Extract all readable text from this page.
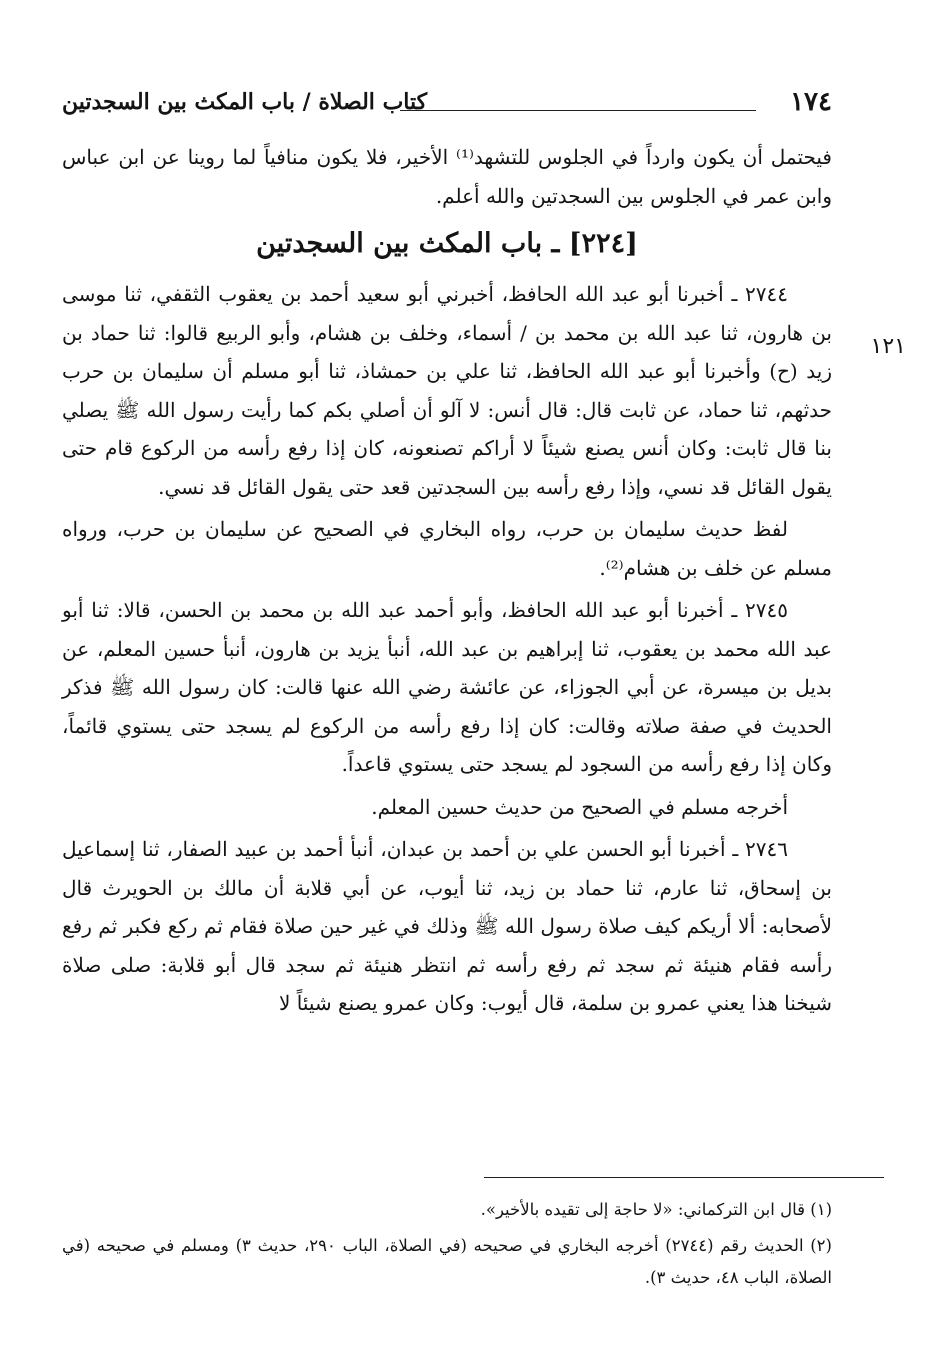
١٧٤
كتاب الصلاة / باب المكث بين السجدتين
١٢١

فيحتمل أن يكون وارداً في الجلوس للتشهد⁽¹⁾ الأخير، فلا يكون منافياً لما روينا عن ابن عباس وابن عمر في الجلوس بين السجدتين والله أعلم.

[٢٢٤] ـ باب المكث بين السجدتين

٢٧٤٤ ـ أخبرنا أبو عبد الله الحافظ، أخبرني أبو سعيد أحمد بن يعقوب الثقفي، ثنا موسى بن هارون، ثنا عبد الله بن محمد بن / أسماء، وخلف بن هشام، وأبو الربيع قالوا: ثنا حماد بن زيد (ح) وأخبرنا أبو عبد الله الحافظ، ثنا علي بن حمشاذ، ثنا أبو مسلم أن سليمان بن حرب حدثهم، ثنا حماد، عن ثابت قال: قال أنس: لا آلو أن أصلي بكم كما رأيت رسول الله ﷺ يصلي بنا قال ثابت: وكان أنس يصنع شيئاً لا أراكم تصنعونه، كان إذا رفع رأسه من الركوع قام حتى يقول القائل قد نسي، وإذا رفع رأسه بين السجدتين قعد حتى يقول القائل قد نسي.

لفظ حديث سليمان بن حرب، رواه البخاري في الصحيح عن سليمان بن حرب، ورواه مسلم عن خلف بن هشام⁽²⁾.

٢٧٤٥ ـ أخبرنا أبو عبد الله الحافظ، وأبو أحمد عبد الله بن محمد بن الحسن، قالا: ثنا أبو عبد الله محمد بن يعقوب، ثنا إبراهيم بن عبد الله، أنبأ يزيد بن هارون، أنبأ حسين المعلم، عن بديل بن ميسرة، عن أبي الجوزاء، عن عائشة رضي الله عنها قالت: كان رسول الله ﷺ فذكر الحديث في صفة صلاته وقالت: كان إذا رفع رأسه من الركوع لم يسجد حتى يستوي قائماً، وكان إذا رفع رأسه من السجود لم يسجد حتى يستوي قاعداً.

أخرجه مسلم في الصحيح من حديث حسين المعلم.

٢٧٤٦ ـ أخبرنا أبو الحسن علي بن أحمد بن عبدان، أنبأ أحمد بن عبيد الصفار، ثنا إسماعيل بن إسحاق، ثنا عارم، ثنا حماد بن زيد، ثنا أيوب، عن أبي قلابة أن مالك بن الحويرث قال لأصحابه: ألا أريكم كيف صلاة رسول الله ﷺ وذلك في غير حين صلاة فقام ثم ركع فكبر ثم رفع رأسه فقام هنيئة ثم سجد ثم رفع رأسه ثم انتظر هنيئة ثم سجد قال أبو قلابة: صلى صلاة شيخنا هذا يعني عمرو بن سلمة، قال أيوب: وكان عمرو يصنع شيئاً لا

(١) قال ابن التركماني: «لا حاجة إلى تقيده بالأخير».

(٢) الحديث رقم (٢٧٤٤) أخرجه البخاري في صحيحه (في الصلاة، الباب ٢٩٠، حديث ٣) ومسلم في صحيحه (في الصلاة، الباب ٤٨، حديث ٣).
